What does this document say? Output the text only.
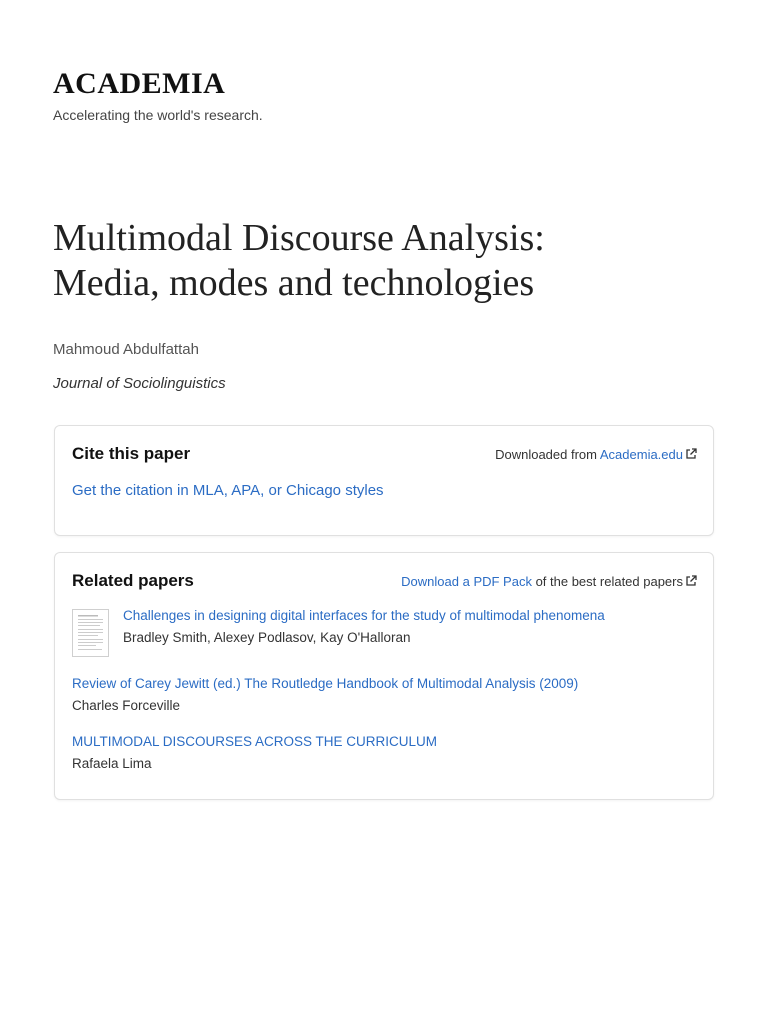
ACADEMIA
Accelerating the world's research.
Multimodal Discourse Analysis:
Media, modes and technologies
Mahmoud Abdulfattah
Journal of Sociolinguistics
Cite this paper	Downloaded from Academia.edu
Get the citation in MLA, APA, or Chicago styles
Related papers	Download a PDF Pack of the best related papers
Challenges in designing digital interfaces for the study of multimodal phenomena
Bradley Smith, Alexey Podlasov, Kay O'Halloran
Review of Carey Jewitt (ed.) The Routledge Handbook of Multimodal Analysis (2009)
Charles Forceville
MULTIMODAL DISCOURSES ACROSS THE CURRICULUM
Rafaela Lima
